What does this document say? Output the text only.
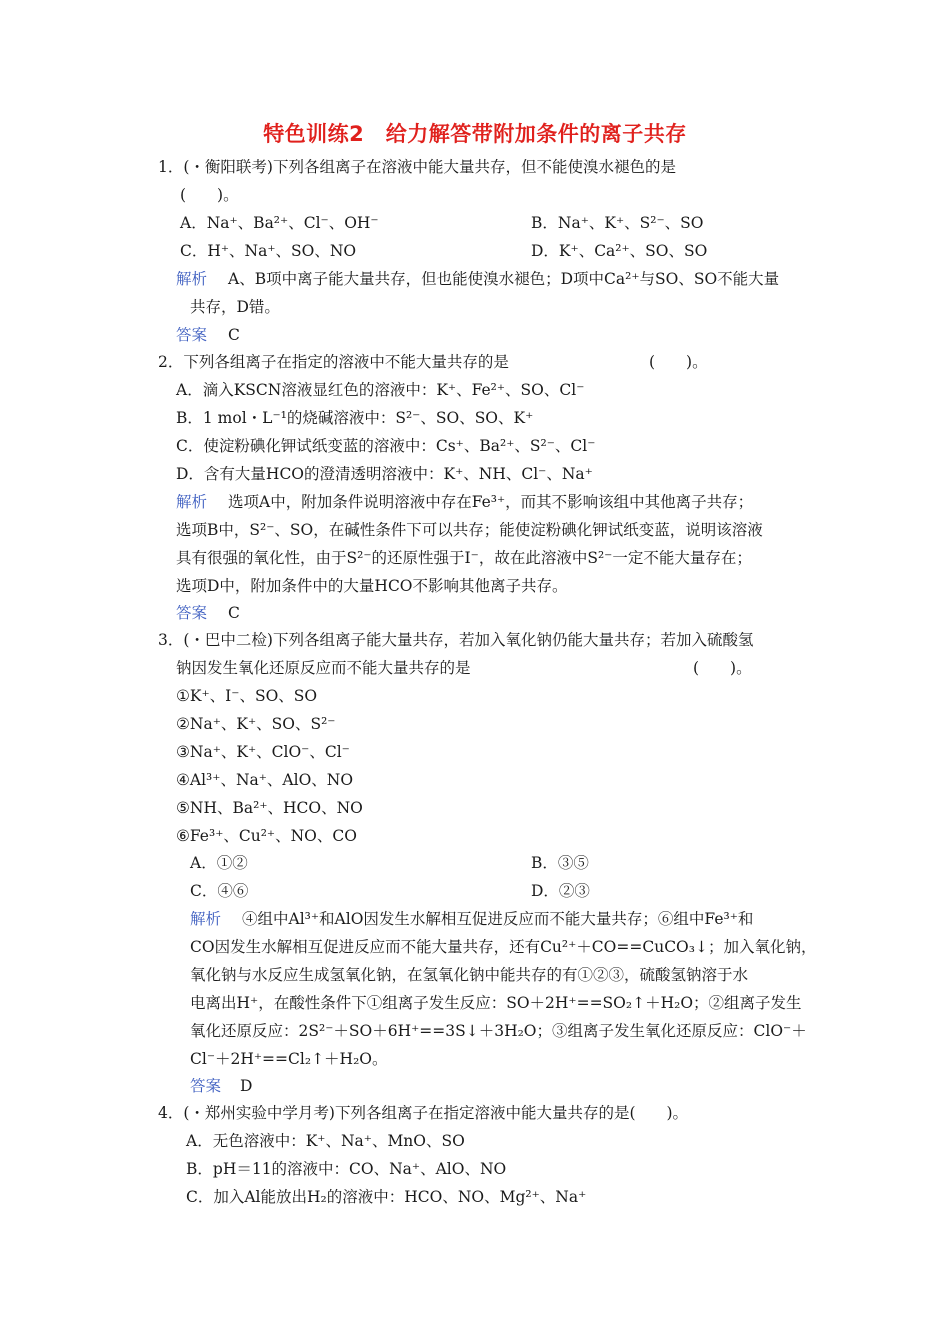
特色训练2　给力解答带附加条件的离子共存
1．(・衡阳联考)下列各组离子在溶液中能大量共存，但不能使溴水褪色的是
(　　)。
A．Na⁺、Ba²⁺、Cl⁻、OH⁻	B．Na⁺、K⁺、S²⁻、SO
C．H⁺、Na⁺、SO、NO	D．K⁺、Ca²⁺、SO、SO
解析 A、B项中离子能大量共存，但也能使溴水褪色；D项中Ca²⁺与SO、SO不能大量
共存，D错。
答案 C
2．下列各组离子在指定的溶液中不能大量共存的是	(　　)。
A．滴入KSCN溶液显红色的溶液中：K⁺、Fe²⁺、SO、Cl⁻
B．1 mol・L⁻¹的烧碱溶液中：S²⁻、SO、SO、K⁺
C．使淀粉碘化钾试纸变蓝的溶液中：Cs⁺、Ba²⁺、S²⁻、Cl⁻
D．含有大量HCO的澄清透明溶液中：K⁺、NH、Cl⁻、Na⁺
解析 选项A中，附加条件说明溶液中存在Fe³⁺，而其不影响该组中其他离子共存；
选项B中，S²⁻、SO，在碱性条件下可以共存；能使淀粉碘化钾试纸变蓝，说明该溶液
具有很强的氧化性，由于S²⁻的还原性强于I⁻，故在此溶液中S²⁻一定不能大量存在；
选项D中，附加条件中的大量HCO不影响其他离子共存。
答案 C
3．(・巴中二检)下列各组离子能大量共存，若加入氧化钠仍能大量共存；若加入硫酸氢
钠因发生氧化还原反应而不能大量共存的是	(　　)。
①K⁺、I⁻、SO、SO
②Na⁺、K⁺、SO、S²⁻
③Na⁺、K⁺、ClO⁻、Cl⁻
④Al³⁺、Na⁺、AlO、NO
⑤NH、Ba²⁺、HCO、NO
⑥Fe³⁺、Cu²⁺、NO、CO
A．①②	B．③⑤
C．④⑥	D．②③
解析 ④组中Al³⁺和AlO因发生水解相互促进反应而不能大量共存；⑥组中Fe³⁺和
CO因发生水解相互促进反应而不能大量共存，还有Cu²⁺＋CO==CuCO₃↓；加入氧化钠，
氧化钠与水反应生成氢氧化钠，在氢氧化钠中能共存的有①②③，硫酸氢钠溶于水
电离出H⁺，在酸性条件下①组离子发生反应：SO＋2H⁺==SO₂↑＋H₂O；②组离子发生
氧化还原反应：2S²⁻＋SO＋6H⁺==3S↓＋3H₂O；③组离子发生氧化还原反应：ClO⁻＋
Cl⁻＋2H⁺==Cl₂↑＋H₂O。
答案 D
4．(・郑州实验中学月考)下列各组离子在指定溶液中能大量共存的是(　　)。
A．无色溶液中：K⁺、Na⁺、MnO、SO
B．pH＝11的溶液中：CO、Na⁺、AlO、NO
C．加入Al能放出H₂的溶液中：HCO、NO、Mg²⁺、Na⁺
